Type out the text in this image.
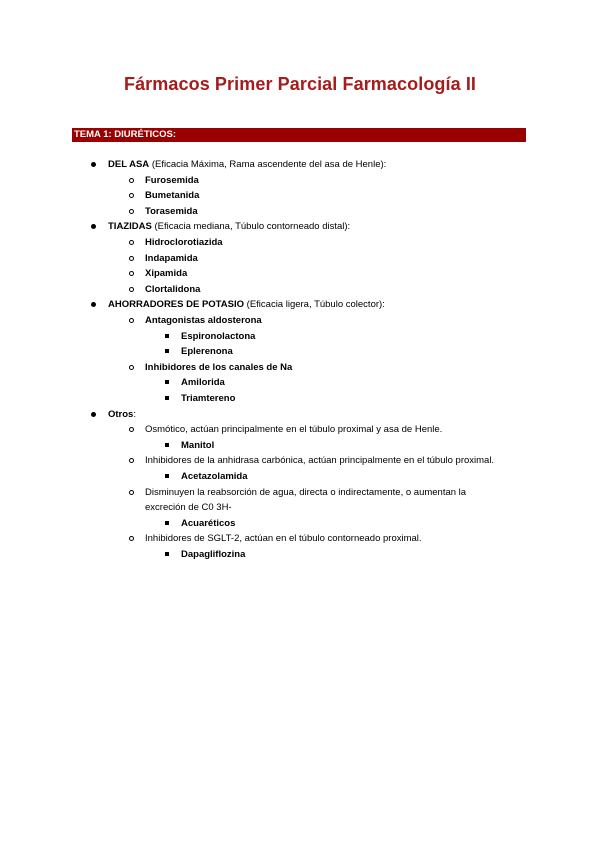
Fármacos Primer Parcial Farmacología II
TEMA 1: DIURÉTICOS:
DEL ASA (Eficacia Máxima, Rama ascendente del asa de Henle):
Furosemida
Bumetanida
Torasemida
TIAZIDAS (Eficacia mediana, Túbulo contorneado distal):
Hidroclorotiazida
Indapamida
Xipamida
Clortalidona
AHORRADORES DE POTASIO (Eficacia ligera, Túbulo colector):
Antagonistas aldosterona
Espironolactona
Eplerenona
Inhibidores de los canales de Na
Amilorida
Triamtereno
Otros:
Osmótico, actúan principalmente en el túbulo proximal y asa de Henle.
Manitol
Inhibidores de la anhidrasa carbónica, actúan principalmente en el túbulo proximal.
Acetazolamida
Disminuyen la reabsorción de agua, directa o indirectamente, o aumentan la
excreción de C0 3H-
Acuaréticos
Inhibidores de SGLT-2, actúan en el túbulo contorneado proximal.
Dapagliflozina
